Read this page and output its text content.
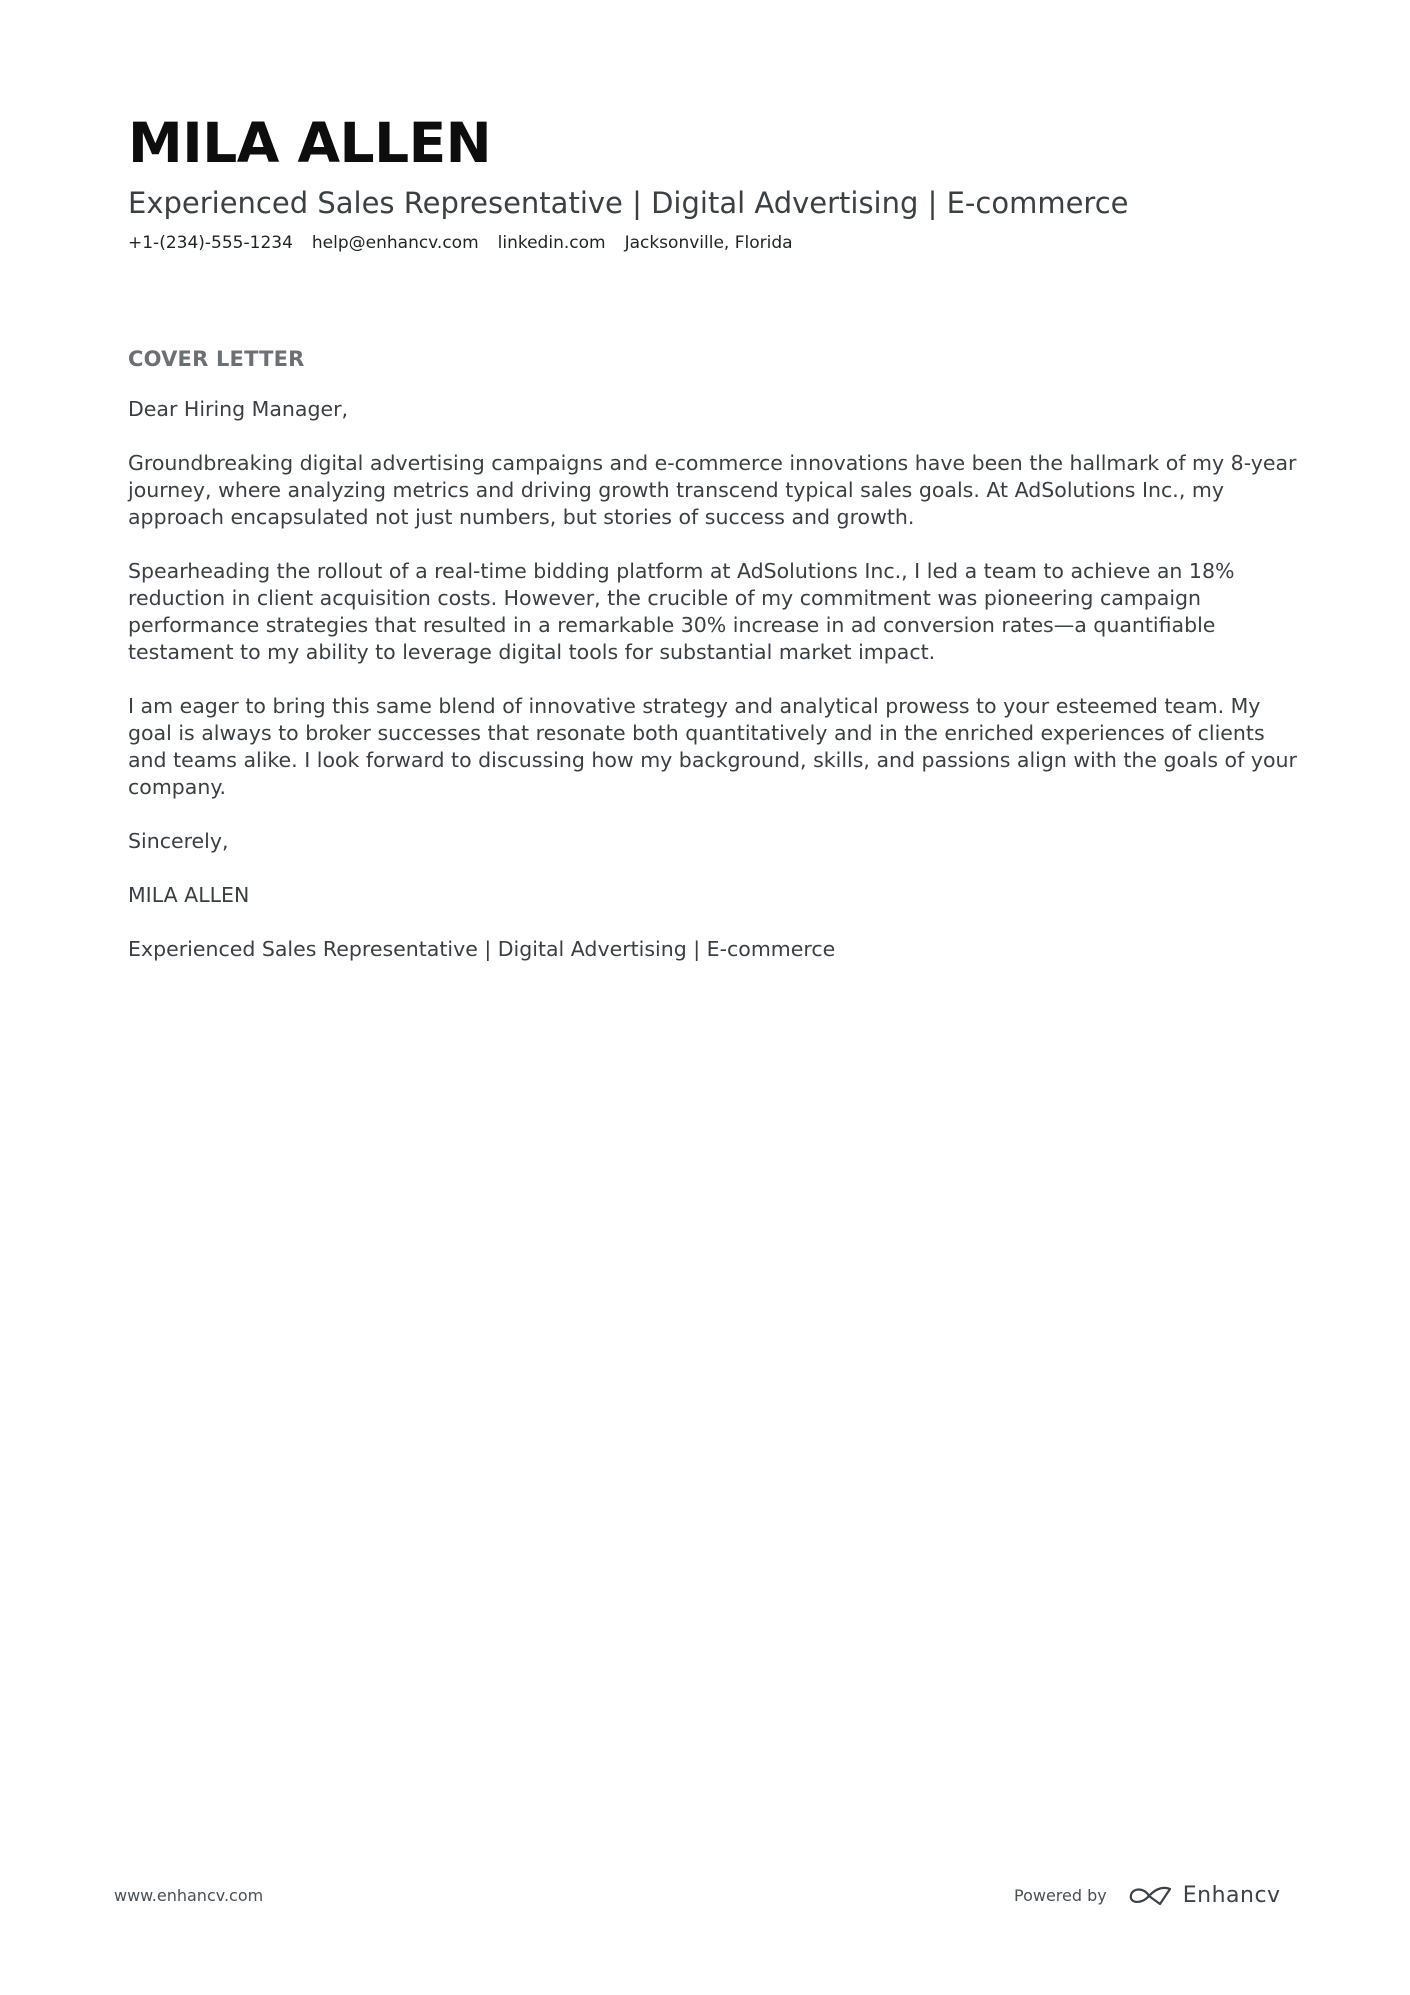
MILA ALLEN
Experienced Sales Representative | Digital Advertising | E-commerce
+1-(234)-555-1234 help@enhancv.com linkedin.com Jacksonville, Florida
COVER LETTER

Dear Hiring Manager,

Groundbreaking digital advertising campaigns and e-commerce innovations have been the hallmark of my 8-year journey, where analyzing metrics and driving growth transcend typical sales goals. At AdSolutions Inc., my approach encapsulated not just numbers, but stories of success and growth.

Spearheading the rollout of a real-time bidding platform at AdSolutions Inc., I led a team to achieve an 18% reduction in client acquisition costs. However, the crucible of my commitment was pioneering campaign performance strategies that resulted in a remarkable 30% increase in ad conversion rates—a quantifiable testament to my ability to leverage digital tools for substantial market impact.

I am eager to bring this same blend of innovative strategy and analytical prowess to your esteemed team. My goal is always to broker successes that resonate both quantitatively and in the enriched experiences of clients and teams alike. I look forward to discussing how my background, skills, and passions align with the goals of your company.

Sincerely,

MILA ALLEN

Experienced Sales Representative | Digital Advertising | E-commerce

www.enhancv.com	Powered by	Enhancv
